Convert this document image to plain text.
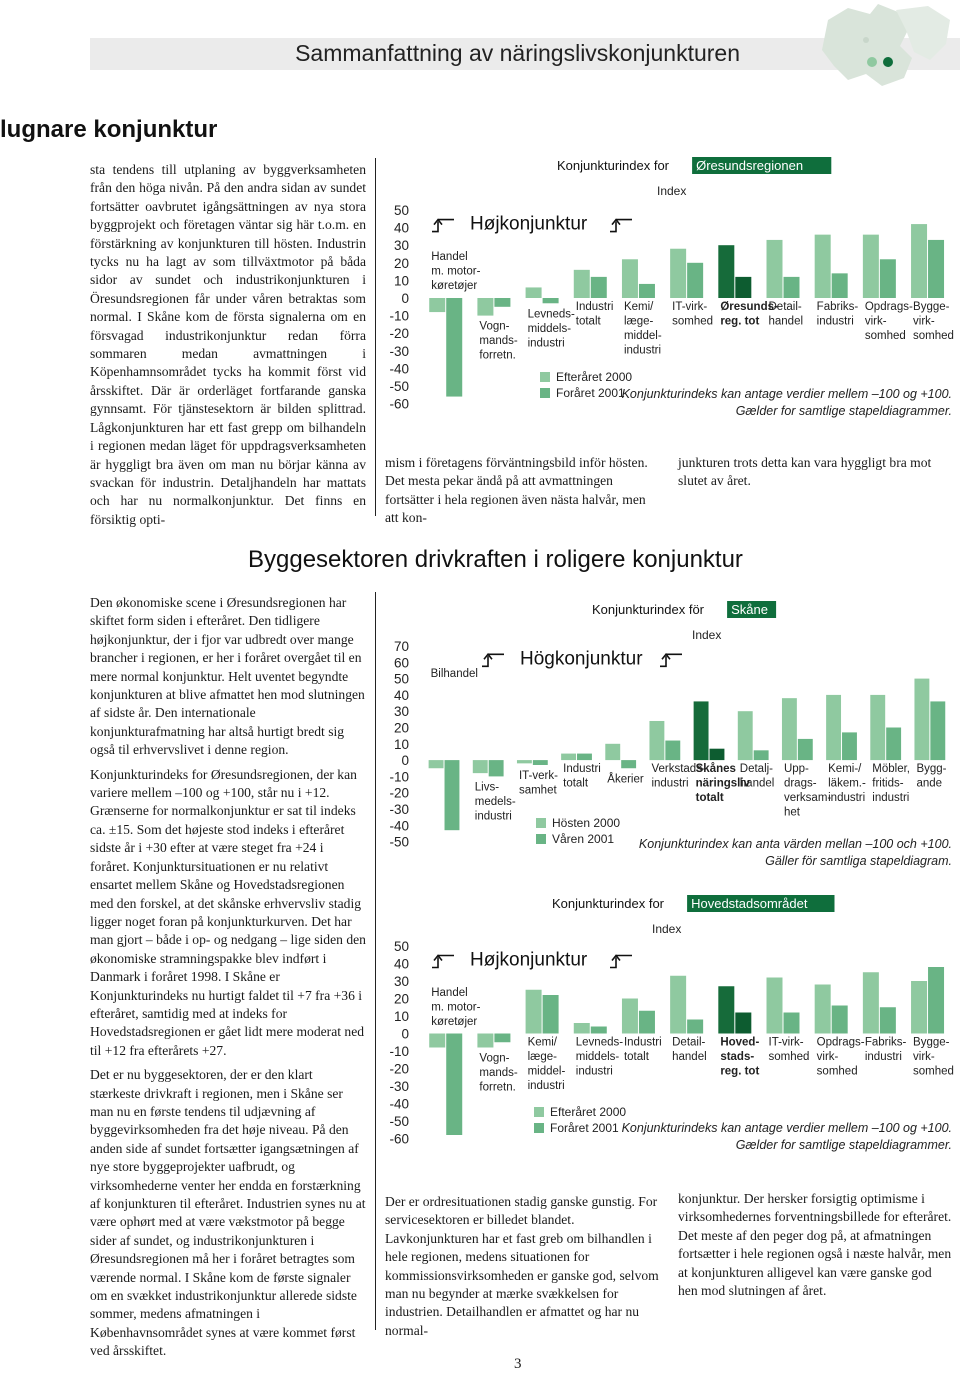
Sammanfattning av näringslivskonjunkturen
lugnare konjunktur

sta tendens till utplaning av byggverksamheten från den höga nivån. På den andra sidan av sundet fortsätter oavbrutet igångsättningen av nya stora byggprojekt och företagen väntar sig här t.o.m. en förstärkning av konjunkturen till hösten. Industrin tycks nu ha lagt av som tillväxtmotor på båda sidor av sundet och industrikonjunkturen i Öresundsregionen får under våren betraktas som normal. I Skåne kom de första signalerna om en försvagad industrikonjunktur redan förra sommaren medan avmattningen i Köpenhamnsområdet tycks ha kommit först vid årsskiftet. Där är orderläget fortfarande ganska gynnsamt. För tjänstesektorn är bilden splittrad. Lågkonjunkturen har ett fast grepp om bilhandeln i regionen medan läget för uppdragsverksamheten är hyggligt bra även om man nu börjar känna av svackan för industrin. Detaljhandeln har mattats och har nu normalkonjunktur. Det finns en försiktig opti-

Konjunkturindex for Øresundsregionen
Index
50
40
30
20
10
0
-10
-20
-30
-40
-50
-60
Højkonjunktur
Handel
m. motor-
køretøjer
Vogn-
mands-
forretn.
Levneds-
middels-
industri
Industri
totalt
Kemi/
læge-
middel-
industri
IT-virk-
somhed
Øresunds-
reg. tot
Detail-
handel
Fabriks-
industri
Opdrags-
virk-
somhed
Bygge-
virk-
somhed
Efteråret 2000
Foråret 2001
Konjunkturindeks kan antage verdier mellem –100 og +100.
Gælder for samtlige stapeldiagrammer.

mism i företagens förväntningsbild inför hösten. Det mesta pekar ändå på att avmattningen fortsätter i hela regionen även nästa halvår, men att kon-

junkturen trots detta kan vara hyggligt bra mot slutet av året.

Byggesektoren drivkraften i roligere konjunktur

Den økonomiske scene i Øresundsregionen har skiftet form siden i efteråret. Den tidligere højkonjunktur, der i fjor var udbredt over mange brancher i regionen, er her i foråret overgået til en mere normal konjunktur. Helt uventet begyndte konjunkturen at blive afmattet hen mod slutningen af sidste år. Den internationale konjunkturafmatning har altså hurtigt bredt sig også til erhvervslivet i denne region.

Konjunkturindeks for Øresundsregionen, der kan variere mellem –100 og +100, står nu i +12. Grænserne for normalkonjunktur er sat til indeks ca. ±15. Som det højeste stod indeks i efteråret sidste år i +30 efter at være steget fra +24 i foråret. Konjunktursituationen er nu relativt ensartet mellem Skåne og Hovedstadsregionen med den forskel, at det skånske erhvervsliv stadig ligger noget foran på konjunkturkurven. Det har man gjort – både i op- og nedgang – lige siden den økonomiske stramningspakke blev indført i Danmark i foråret 1998. I Skåne er Konjunkturindeks nu hurtigt faldet til +7 fra +36 i efteråret, samtidig med at indeks for Hovedstadsregionen er gået lidt mere moderat ned til +12 fra efterårets +27.

Det er nu byggesektoren, der er den klart stærkeste drivkraft i regionen, men i Skåne ser man nu en første tendens til udjævning af byggevirksomheden fra det høje niveau. På den anden side af sundet fortsætter igangsætningen af nye store byggeprojekter uafbrudt, og virksomhederne venter her endda en forstærkning af konjunkturen til efteråret. Industrien synes nu at være ophørt med at være vækstmotor på begge sider af sundet, og industrikonjunkturen i Øresundsregionen må her i foråret betragtes som værende normal. I Skåne kom de første signaler om en svækket industrikonjunktur allerede sidste sommer, medens afmatningen i Københavnsområdet synes at være kommet først ved årsskiftet.

Konjunkturindex för Skåne
Index
70
60
50
40
30
20
10
0
-10
-20
-30
-40
-50
Högkonjunktur
Bilhandel
Livs-
medels-
industri
IT-verk-
samhet
Industri
totalt Åkerier
Verkstads-
industri
Skånes
näringsliv
totalt
Detalj-
handel
Upp-
drags-
verksam-
het
Kemi-/
läkem.-
industri
Möbler,
fritids-
industri
Bygg-
ande
Hösten 2000
Våren 2001 Konjunkturindex kan anta värden mellan –100 och +100.
Gäller för samtliga stapeldiagram.
Konjunkturindex for Hovedstadsområdet
Index
50
40
30
20
10
0
-10
-20
-30
-40
-50
-60
Højkonjunktur
Handel
m. motor-
køretøjer
Vogn-
mands-
forretn.
Kemi/
læge-
middel-
industri
Levneds-
middels-
industri
Industri
totalt
Detail-
handel
Hoved-
stads-
reg. tot
IT-virk-
somhed
Opdrags-
virk-
somhed
Fabriks-
industri
Bygge-
virk-
somhed
Efteråret 2000
Foråret 2001 Konjunkturindeks kan antage verdier mellem –100 og +100.
Gælder for samtlige stapeldiagrammer.

Der er ordresituationen stadig ganske gunstig. For servicesektoren er billedet blandet. Lavkonjunkturen har et fast greb om bilhandlen i hele regionen, medens situationen for kommissionsvirksomheden er ganske god, selvom man nu begynder at mærke svækkelsen for industrien. Detailhandlen er afmattet og har nu normal-

konjunktur. Der hersker forsigtig optimisme i virksomhedernes forventningsbillede for efteråret. Det meste af den peger dog på, at afmatningen fortsætter i hele regionen også i næste halvår, men at konjunkturen alligevel kan være ganske god hen mod slutningen af året.

3
